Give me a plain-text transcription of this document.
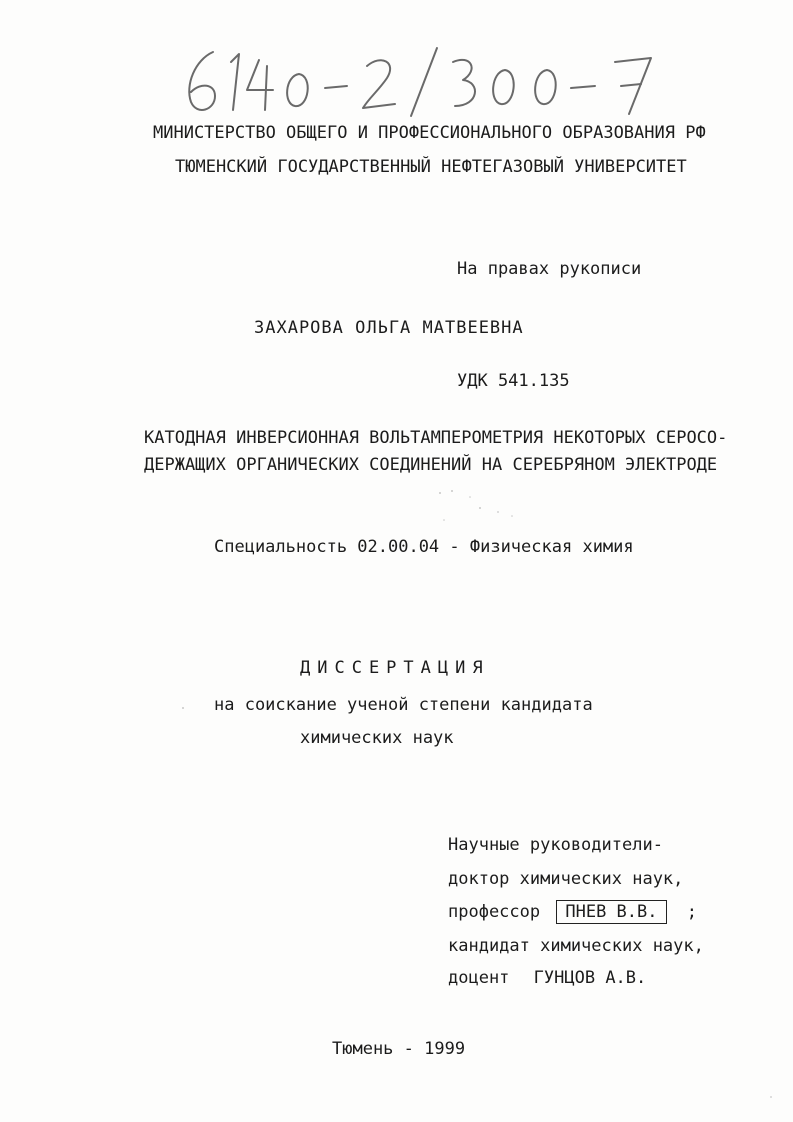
МИНИСТЕРСТВО ОБЩЕГО И ПРОФЕССИОНАЛЬНОГО ОБРАЗОВАНИЯ РФ
ТЮМЕНСКИЙ ГОСУДАРСТВЕННЫЙ НЕФТЕГАЗОВЫЙ УНИВЕРСИТЕТ
На правах рукописи
ЗАХАРОВА ОЛЬГА МАТВЕЕВНА
УДК 541.135
КАТОДНАЯ ИНВЕРСИОННАЯ ВОЛЬТАМПЕРОМЕТРИЯ НЕКОТОРЫХ СЕРОСО-
ДЕРЖАЩИХ ОРГАНИЧЕСКИХ СОЕДИНЕНИЙ НА СЕРЕБРЯНОМ ЭЛЕКТРОДЕ
Специальность 02.00.04 - Физическая химия
ДИССЕРТАЦИЯ
на соискание ученой степени кандидата
химических наук
Научные руководители-
доктор химических наук,
профессор ПНЕВ В.В. ;
кандидат химических наук,
доцент ГУНЦОВ А.В.
Тюмень - 1999
